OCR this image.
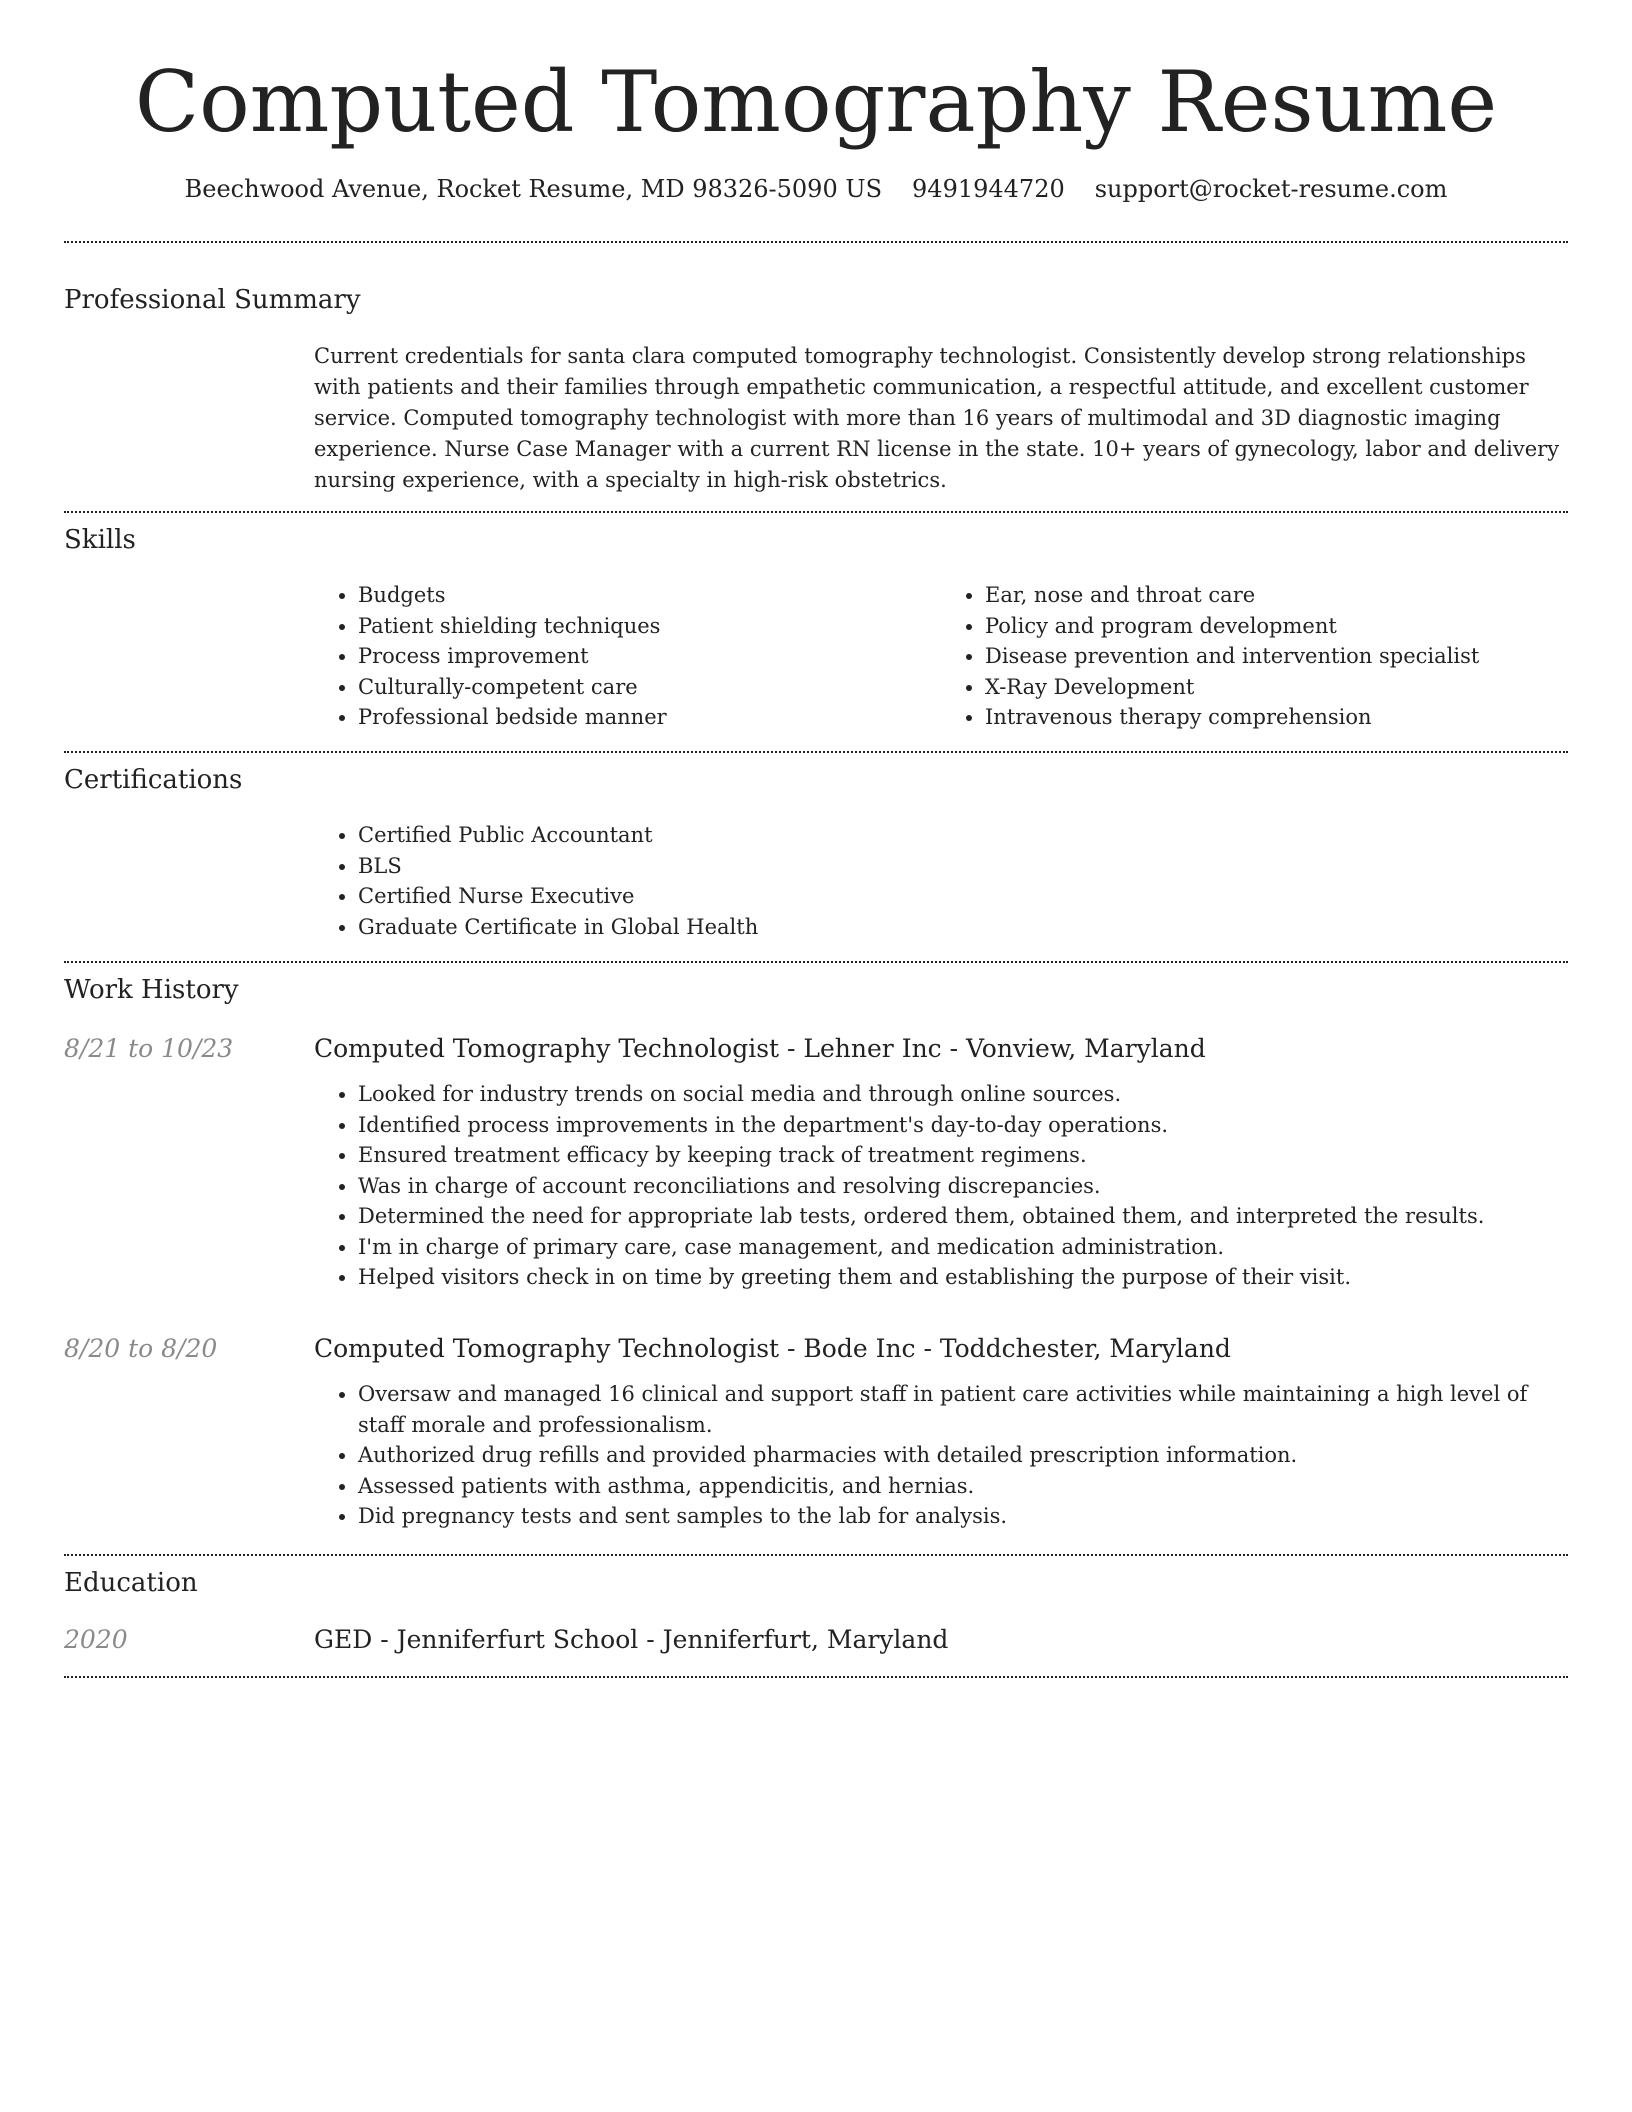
Computed Tomography Resume
Beechwood Avenue, Rocket Resume, MD 98326-5090 US 9491944720 support@rocket-resume.com
Professional Summary

Current credentials for santa clara computed tomography technologist. Consistently develop strong relationships with patients and their families through empathetic communication, a respectful attitude, and excellent customer service. Computed tomography technologist with more than 16 years of multimodal and 3D diagnostic imaging experience. Nurse Case Manager with a current RN license in the state. 10+ years of gynecology, labor and delivery nursing experience, with a specialty in high-risk obstetrics.

Skills
• Budgets
• Patient shielding techniques
• Process improvement
• Culturally-competent care
• Professional bedside manner
• Ear, nose and throat care
• Policy and program development
• Disease prevention and intervention specialist
• X-Ray Development
• Intravenous therapy comprehension
Certifications
• Certified Public Accountant
• BLS
• Certified Nurse Executive
• Graduate Certificate in Global Health
Work History
8/21 to 10/23	Computed Tomography Technologist - Lehner Inc - Vonview, Maryland

• Looked for industry trends on social media and through online sources.
• Identified process improvements in the department's day-to-day operations.
• Ensured treatment efficacy by keeping track of treatment regimens.
• Was in charge of account reconciliations and resolving discrepancies.
• Determined the need for appropriate lab tests, ordered them, obtained them, and interpreted the results.
• I'm in charge of primary care, case management, and medication administration.
• Helped visitors check in on time by greeting them and establishing the purpose of their visit.
8/20 to 8/20	Computed Tomography Technologist - Bode Inc - Toddchester, Maryland

• Oversaw and managed 16 clinical and support staff in patient care activities while maintaining a high level of staff morale and professionalism.
• Authorized drug refills and provided pharmacies with detailed prescription information.
• Assessed patients with asthma, appendicitis, and hernias.
• Did pregnancy tests and sent samples to the lab for analysis.
Education
2020	GED - Jenniferfurt School - Jenniferfurt, Maryland
